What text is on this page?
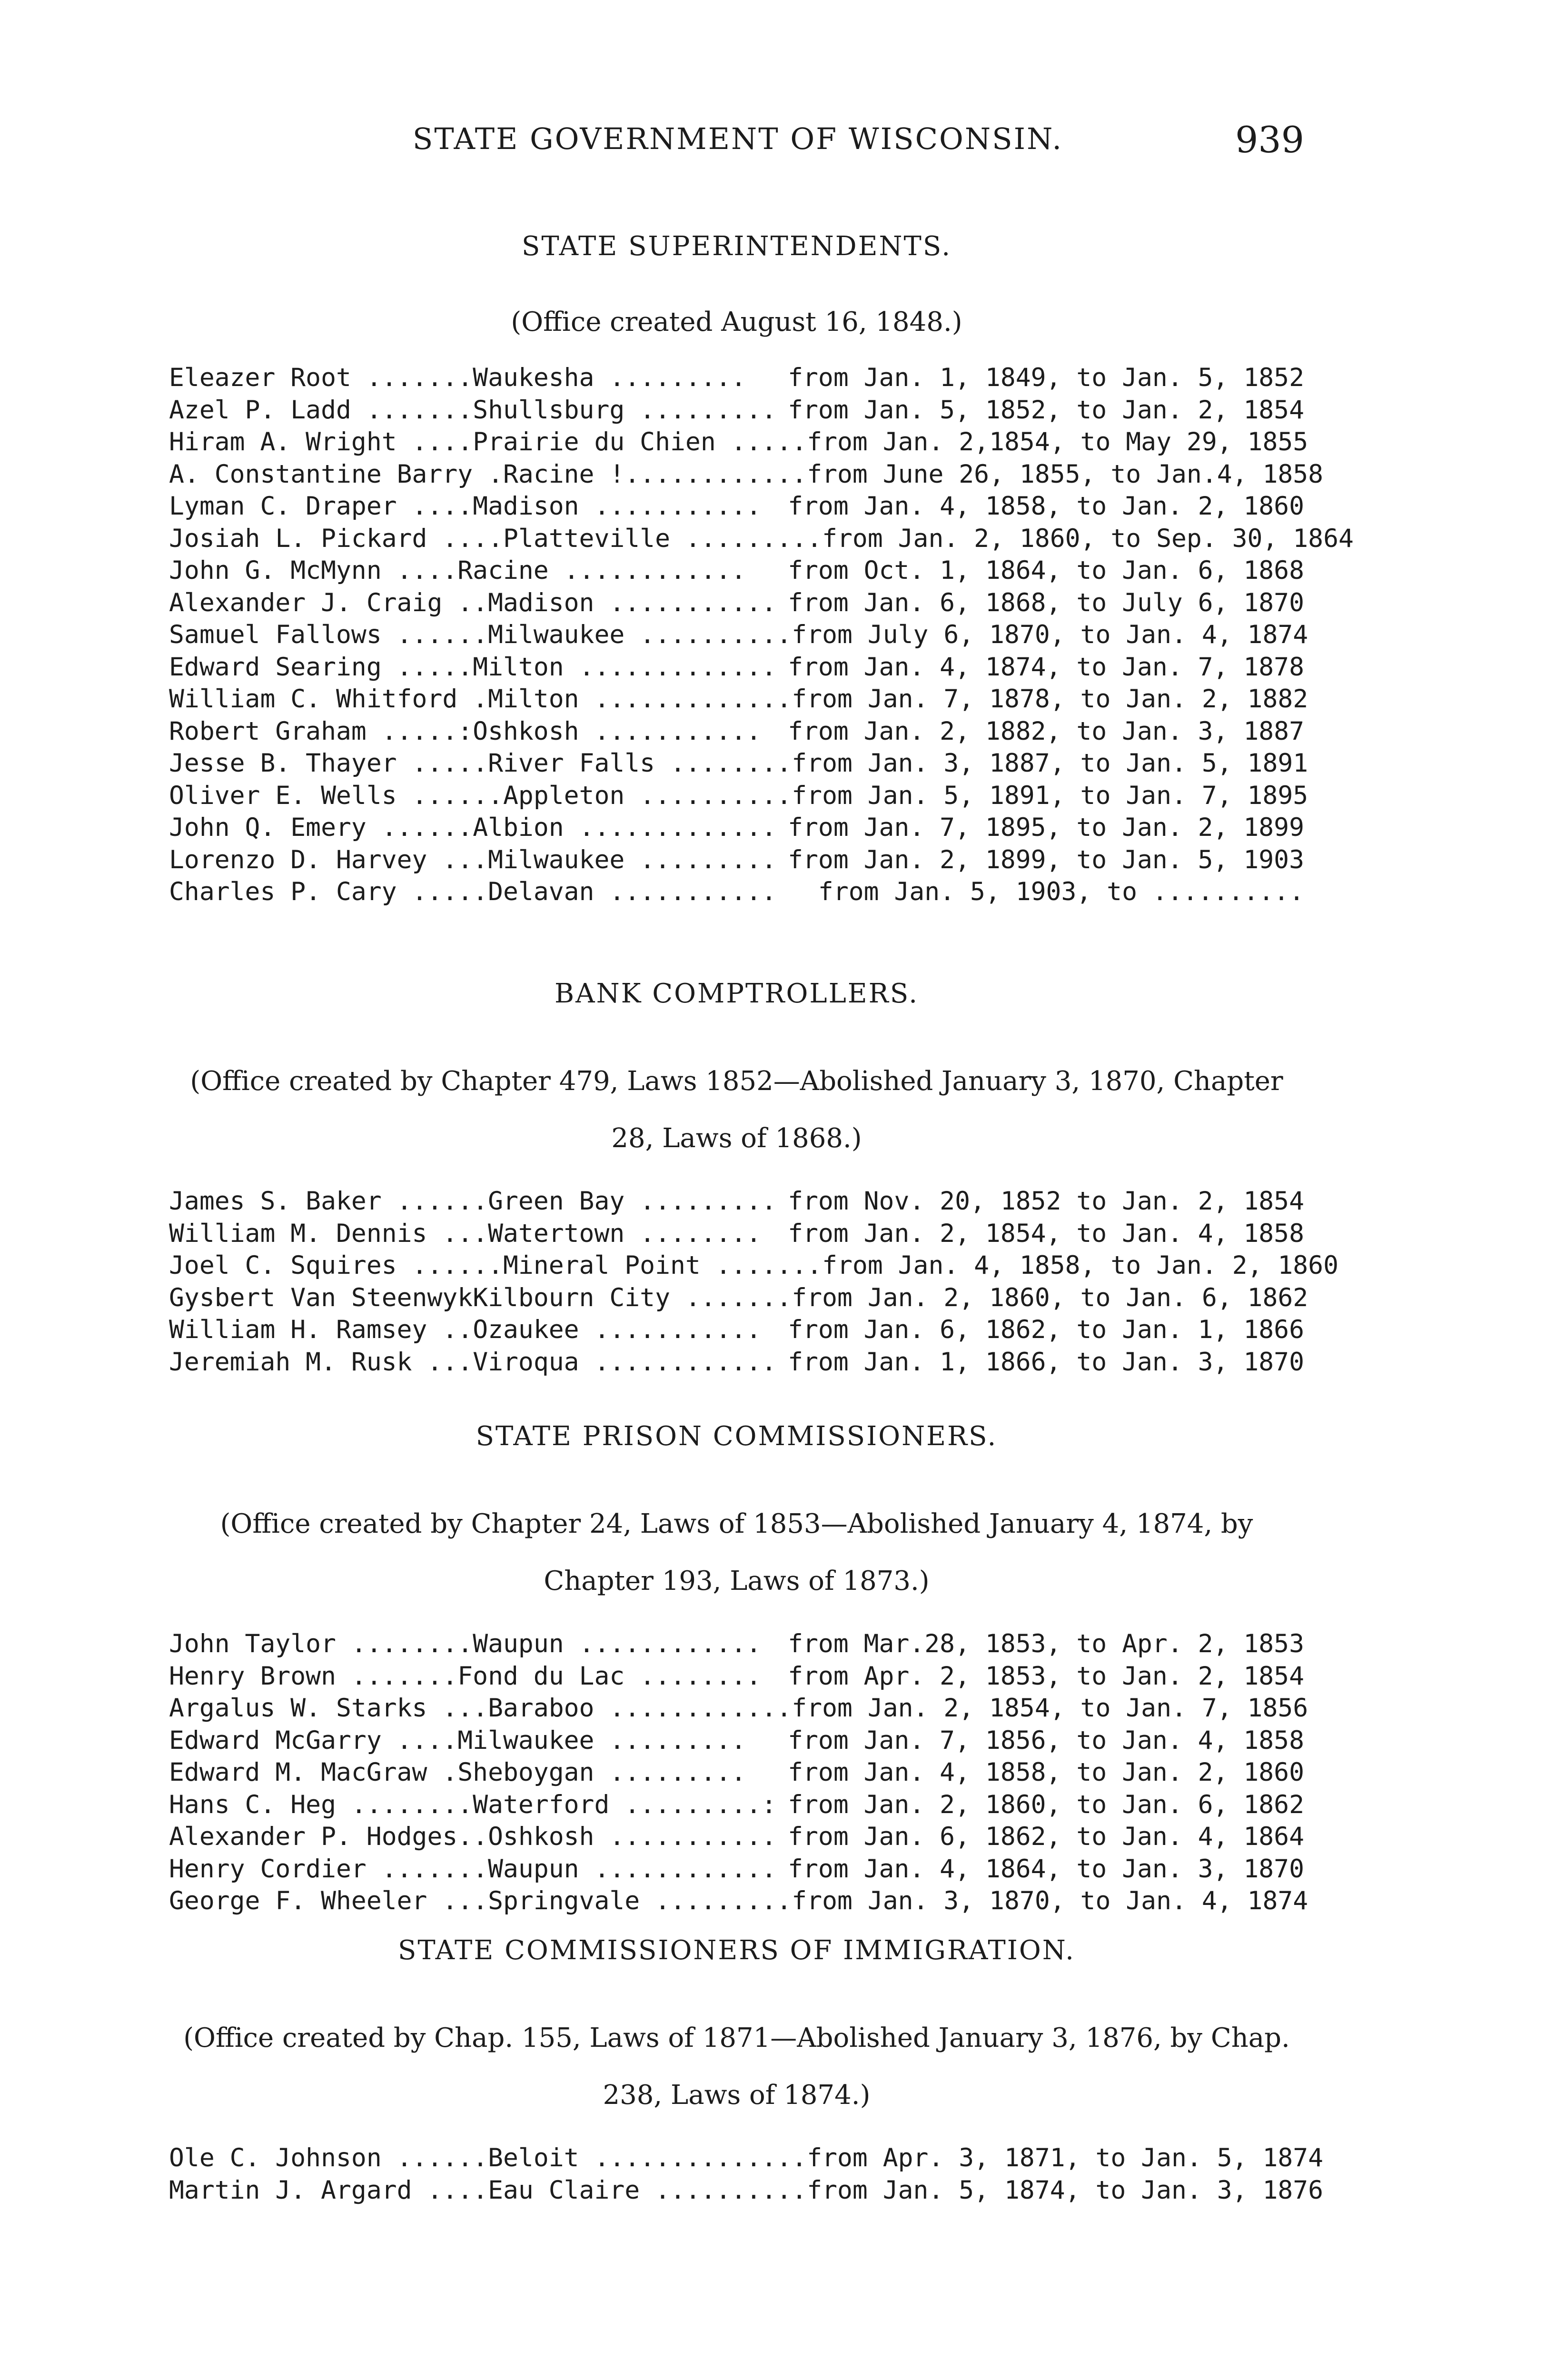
STATE GOVERNMENT OF WISCONSIN.	939
STATE SUPERINTENDENTS.
(Office created August 16, 1848.)
Eleazer Root ....... Waukesha .........	from Jan. 1, 1849, to Jan. 5, 1852
Azel P. Ladd ....... Shullsburg ......... from Jan. 5, 1852, to Jan. 2, 1854
Hiram A. Wright .... Prairie du Chien ..... from Jan. 2,1854, to May 29, 1855
A. Constantine Barry . Racine !............ from June 26, 1855, to Jan.4, 1858
Lyman C. Draper .... Madison ...........	from Jan. 4, 1858, to Jan. 2, 1860
Josiah L. Pickard .... Platteville ......... from Jan. 2, 1860, to Sep. 30, 1864
John G. McMynn .... Racine ............	from Oct. 1, 1864, to Jan. 6, 1868
Alexander J. Craig .. Madison ........... from Jan. 6, 1868, to July 6, 1870
Samuel Fallows ...... Milwaukee .......... from July 6, 1870, to Jan. 4, 1874
Edward Searing ..... Milton ............. from Jan. 4, 1874, to Jan. 7, 1878
William C. Whitford . Milton ............. from Jan. 7, 1878, to Jan. 2, 1882
Robert Graham ..... :Oshkosh ...........	from Jan. 2, 1882, to Jan. 3, 1887
Jesse B. Thayer ..... River Falls ........ from Jan. 3, 1887, to Jan. 5, 1891
Oliver E. Wells ...... Appleton .......... from Jan. 5, 1891, to Jan. 7, 1895
John Q. Emery ...... Albion ............. from Jan. 7, 1895, to Jan. 2, 1899
Lorenzo D. Harvey ... Milwaukee ......... from Jan. 2, 1899, to Jan. 5, 1903
Charles P. Cary ..... Delavan ...........	from Jan. 5, 1903, to ..........
BANK COMPTROLLERS.
(Office created by Chapter 479, Laws 1852—Abolished January 3, 1870, Chapter 28, Laws of 1868.)
James S. Baker ...... Green Bay ......... from Nov. 20, 1852 to Jan. 2, 1854
William M. Dennis ... Watertown ........	from Jan. 2, 1854, to Jan. 4, 1858
Joel C. Squires ...... Mineral Point ....... from Jan. 4, 1858, to Jan. 2, 1860
Gysbert Van Steenwyk Kilbourn City ....... from Jan. 2, 1860, to Jan. 6, 1862
William H. Ramsey .. Ozaukee ...........	from Jan. 6, 1862, to Jan. 1, 1866
Jeremiah M. Rusk ... Viroqua ............ from Jan. 1, 1866, to Jan. 3, 1870
STATE PRISON COMMISSIONERS.
(Office created by Chapter 24, Laws of 1853—Abolished January 4, 1874, by Chapter 193, Laws of 1873.)
John Taylor ........ Waupun ............	from Mar.28, 1853, to Apr. 2, 1853
Henry Brown ....... Fond du Lac ........	from Apr. 2, 1853, to Jan. 2, 1854
Argalus W. Starks ... Baraboo ............ from Jan. 2, 1854, to Jan. 7, 1856
Edward McGarry .... Milwaukee .........	from Jan. 7, 1856, to Jan. 4, 1858
Edward M. MacGraw . Sheboygan .........	from Jan. 4, 1858, to Jan. 2, 1860
Hans C. Heg ........ Waterford .........: from Jan. 2, 1860, to Jan. 6, 1862
Alexander P. Hodges.. Oshkosh ........... from Jan. 6, 1862, to Jan. 4, 1864
Henry Cordier ....... Waupun ............ from Jan. 4, 1864, to Jan. 3, 1870
George F. Wheeler ... Springvale ......... from Jan. 3, 1870, to Jan. 4, 1874
STATE COMMISSIONERS OF IMMIGRATION.
(Office created by Chap. 155, Laws of 1871—Abolished January 3, 1876, by Chap. 238, Laws of 1874.)
Ole C. Johnson ...... Beloit .............. from Apr. 3, 1871, to Jan. 5, 1874
Martin J. Argard .... Eau Claire .......... from Jan. 5, 1874, to Jan. 3, 1876
